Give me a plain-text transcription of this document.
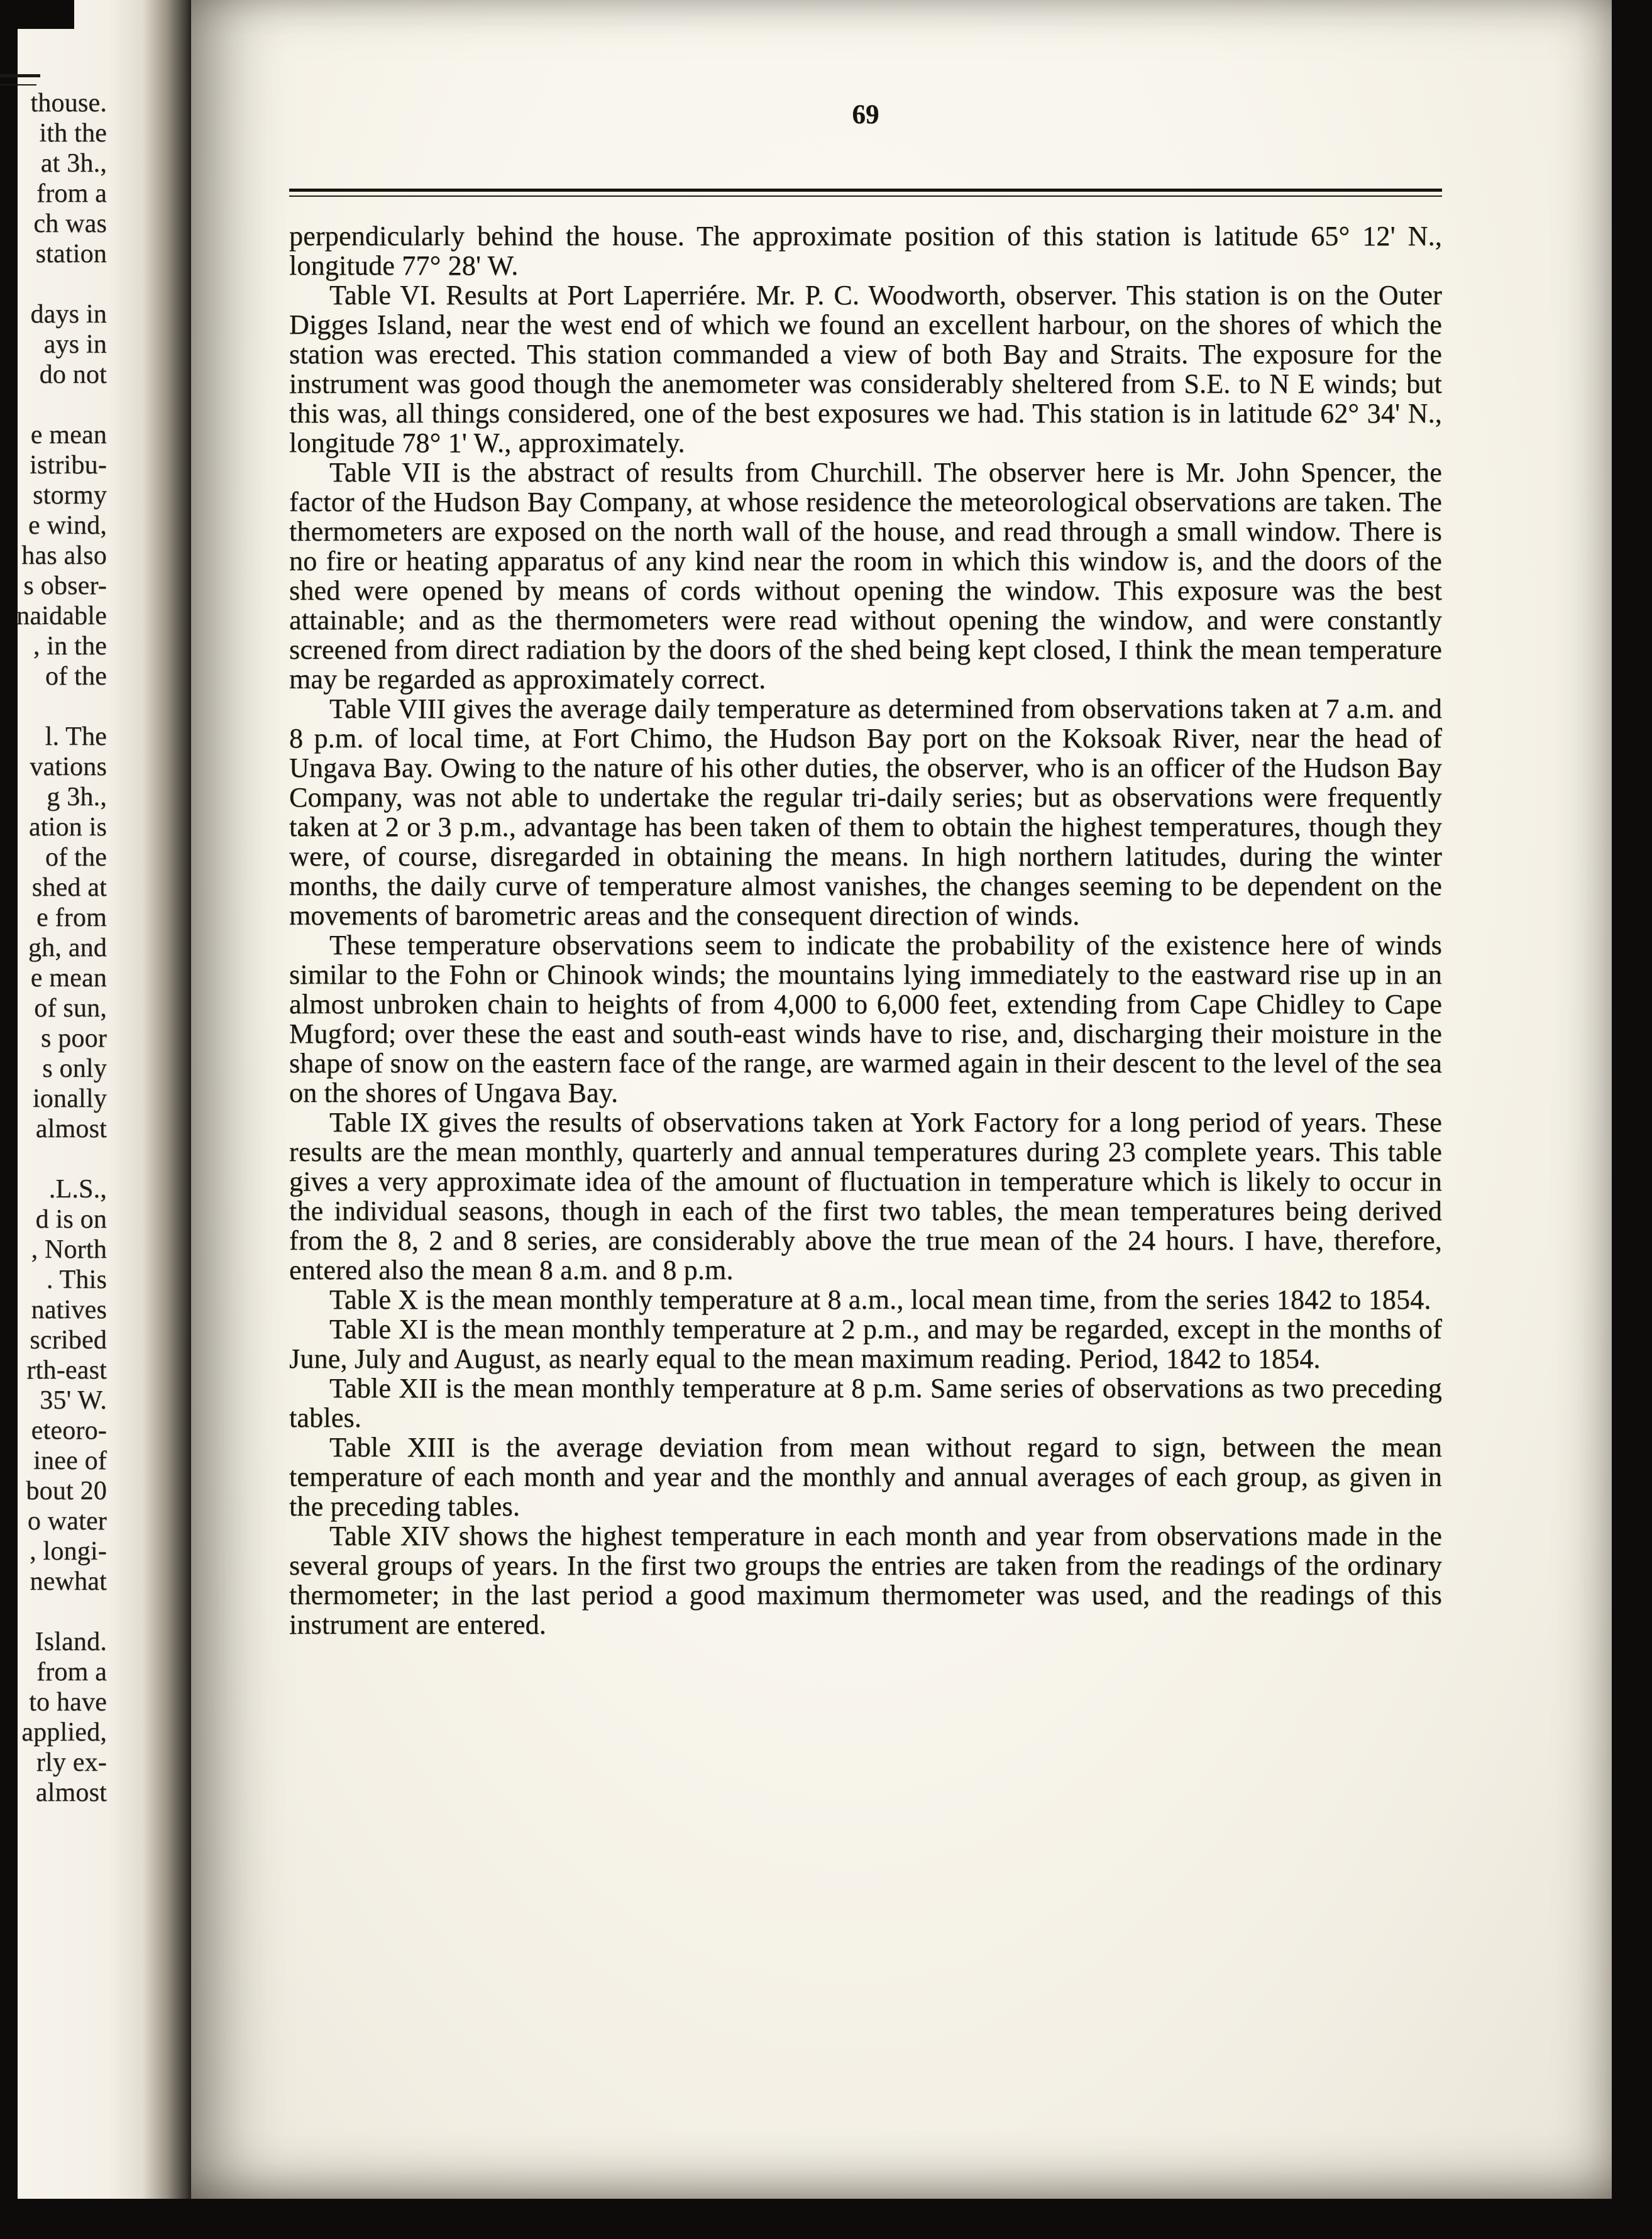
thouse.
ith the
at 3h.,
from a
ch was
station
days in
ays in
do not
e mean
istribu-
stormy
e wind,
has also
s obser-
naidable
, in the
of the
l. The
vations
g 3h.,
ation is
of the
shed at
e from
gh, and
e mean
of sun,
s poor
s only
ionally
almost
.L.S.,
d is on
, North
. This
natives
scribed
rth-east
35' W.
eteoro-
inee of
bout 20
o water
, longi-
newhat
Island.
from a
to have
applied,
rly ex-
almost
69

perpendicularly behind the house. The approximate position of this station is latitude 65° 12' N., longitude 77° 28' W.

Table VI. Results at Port Laperriére. Mr. P. C. Woodworth, observer. This station is on the Outer Digges Island, near the west end of which we found an excellent harbour, on the shores of which the station was erected. This station commanded a view of both Bay and Straits. The exposure for the instrument was good though the anemometer was considerably sheltered from S.E. to N E winds; but this was, all things considered, one of the best exposures we had. This station is in latitude 62° 34' N., longitude 78° 1' W., approximately.

Table VII is the abstract of results from Churchill. The observer here is Mr. John Spencer, the factor of the Hudson Bay Company, at whose residence the meteorological observations are taken. The thermometers are exposed on the north wall of the house, and read through a small window. There is no fire or heating apparatus of any kind near the room in which this window is, and the doors of the shed were opened by means of cords without opening the window. This exposure was the best attainable; and as the thermometers were read without opening the window, and were constantly screened from direct radiation by the doors of the shed being kept closed, I think the mean temperature may be regarded as approximately correct.

Table VIII gives the average daily temperature as determined from observations taken at 7 a.m. and 8 p.m. of local time, at Fort Chimo, the Hudson Bay port on the Koksoak River, near the head of Ungava Bay. Owing to the nature of his other duties, the observer, who is an officer of the Hudson Bay Company, was not able to undertake the regular tri-daily series; but as observations were frequently taken at 2 or 3 p.m., advantage has been taken of them to obtain the highest temperatures, though they were, of course, disregarded in obtaining the means. In high northern latitudes, during the winter months, the daily curve of temperature almost vanishes, the changes seeming to be dependent on the movements of barometric areas and the consequent direction of winds.

These temperature observations seem to indicate the probability of the existence here of winds similar to the Fohn or Chinook winds; the mountains lying immediately to the eastward rise up in an almost unbroken chain to heights of from 4,000 to 6,000 feet, extending from Cape Chidley to Cape Mugford; over these the east and south-east winds have to rise, and, discharging their moisture in the shape of snow on the eastern face of the range, are warmed again in their descent to the level of the sea on the shores of Ungava Bay.

Table IX gives the results of observations taken at York Factory for a long period of years. These results are the mean monthly, quarterly and annual temperatures during 23 complete years. This table gives a very approximate idea of the amount of fluctuation in temperature which is likely to occur in the individual seasons, though in each of the first two tables, the mean temperatures being derived from the 8, 2 and 8 series, are considerably above the true mean of the 24 hours. I have, therefore, entered also the mean 8 a.m. and 8 p.m.

Table X is the mean monthly temperature at 8 a.m., local mean time, from the series 1842 to 1854.

Table XI is the mean monthly temperature at 2 p.m., and may be regarded, except in the months of June, July and August, as nearly equal to the mean maximum reading. Period, 1842 to 1854.

Table XII is the mean monthly temperature at 8 p.m. Same series of observations as two preceding tables.

Table XIII is the average deviation from mean without regard to sign, between the mean temperature of each month and year and the monthly and annual averages of each group, as given in the preceding tables.

Table XIV shows the highest temperature in each month and year from observations made in the several groups of years. In the first two groups the entries are taken from the readings of the ordinary thermometer; in the last period a good maximum thermometer was used, and the readings of this instrument are entered.
